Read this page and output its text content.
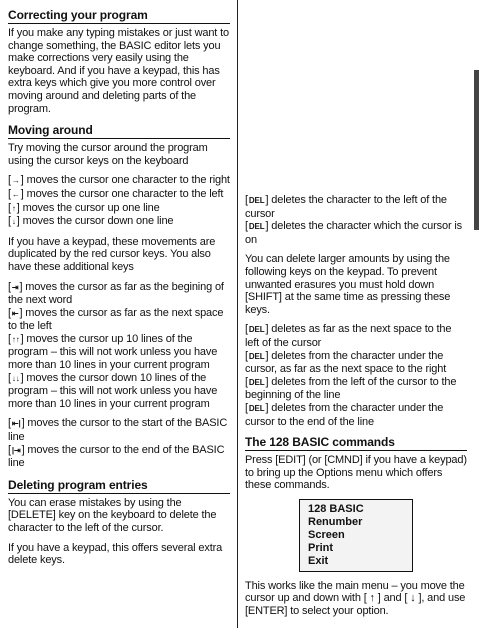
Correcting your program

If you make any typing mistakes or just want to change something, the BASIC editor lets you make corrections very easily using the keyboard. And if you have a keypad, this has extra keys which give you more control over moving around and deleting parts of the program.

Moving around

Try moving the cursor around the program using the cursor keys on the keyboard

[→] moves the cursor one character to the right
[←] moves the cursor one character to the left
[↑] moves the cursor up one line
[↓] moves the cursor down one line

If you have a keypad, these movements are duplicated by the red cursor keys. You also have these additional keys

[⇥] moves the cursor as far as the begining of the next word
[⇤] moves the cursor as far as the next space to the left
[↑↑] moves the cursor up 10 lines of the program – this will not work unless you have more than 10 lines in your current program
[↓↓] moves the cursor down 10 lines of the program – this will not work unless you have more than 10 lines in your current program
[⇤|] moves the cursor to the start of the BASIC line
[|⇥] moves the cursor to the end of the BASIC line
Deleting program entries

You can erase mistakes by using the [DELETE] key on the keyboard to delete the character to the left of the cursor.

If you have a keypad, this offers several extra delete keys.

[DEL] deletes the character to the left of the cursor
[DEL] deletes the character which the cursor is on

You can delete larger amounts by using the following keys on the keypad. To prevent unwanted erasures you must hold down [SHIFT] at the same time as pressing these keys.

[DEL] deletes as far as the next space to the left of the cursor
[DEL] deletes from the character under the cursor, as far as the next space to the right
[DEL] deletes from the left of the cursor to the beginning of the line
[DEL] deletes from the character under the cursor to the end of the line
The 128 BASIC commands

Press [EDIT] (or [CMND] if you have a keypad) to bring up the Options menu which offers these commands.

128 BASIC
Renumber
Screen
Print
Exit

This works like the main menu – you move the cursor up and down with [ ↑ ] and [ ↓ ], and use [ENTER] to select your option.
